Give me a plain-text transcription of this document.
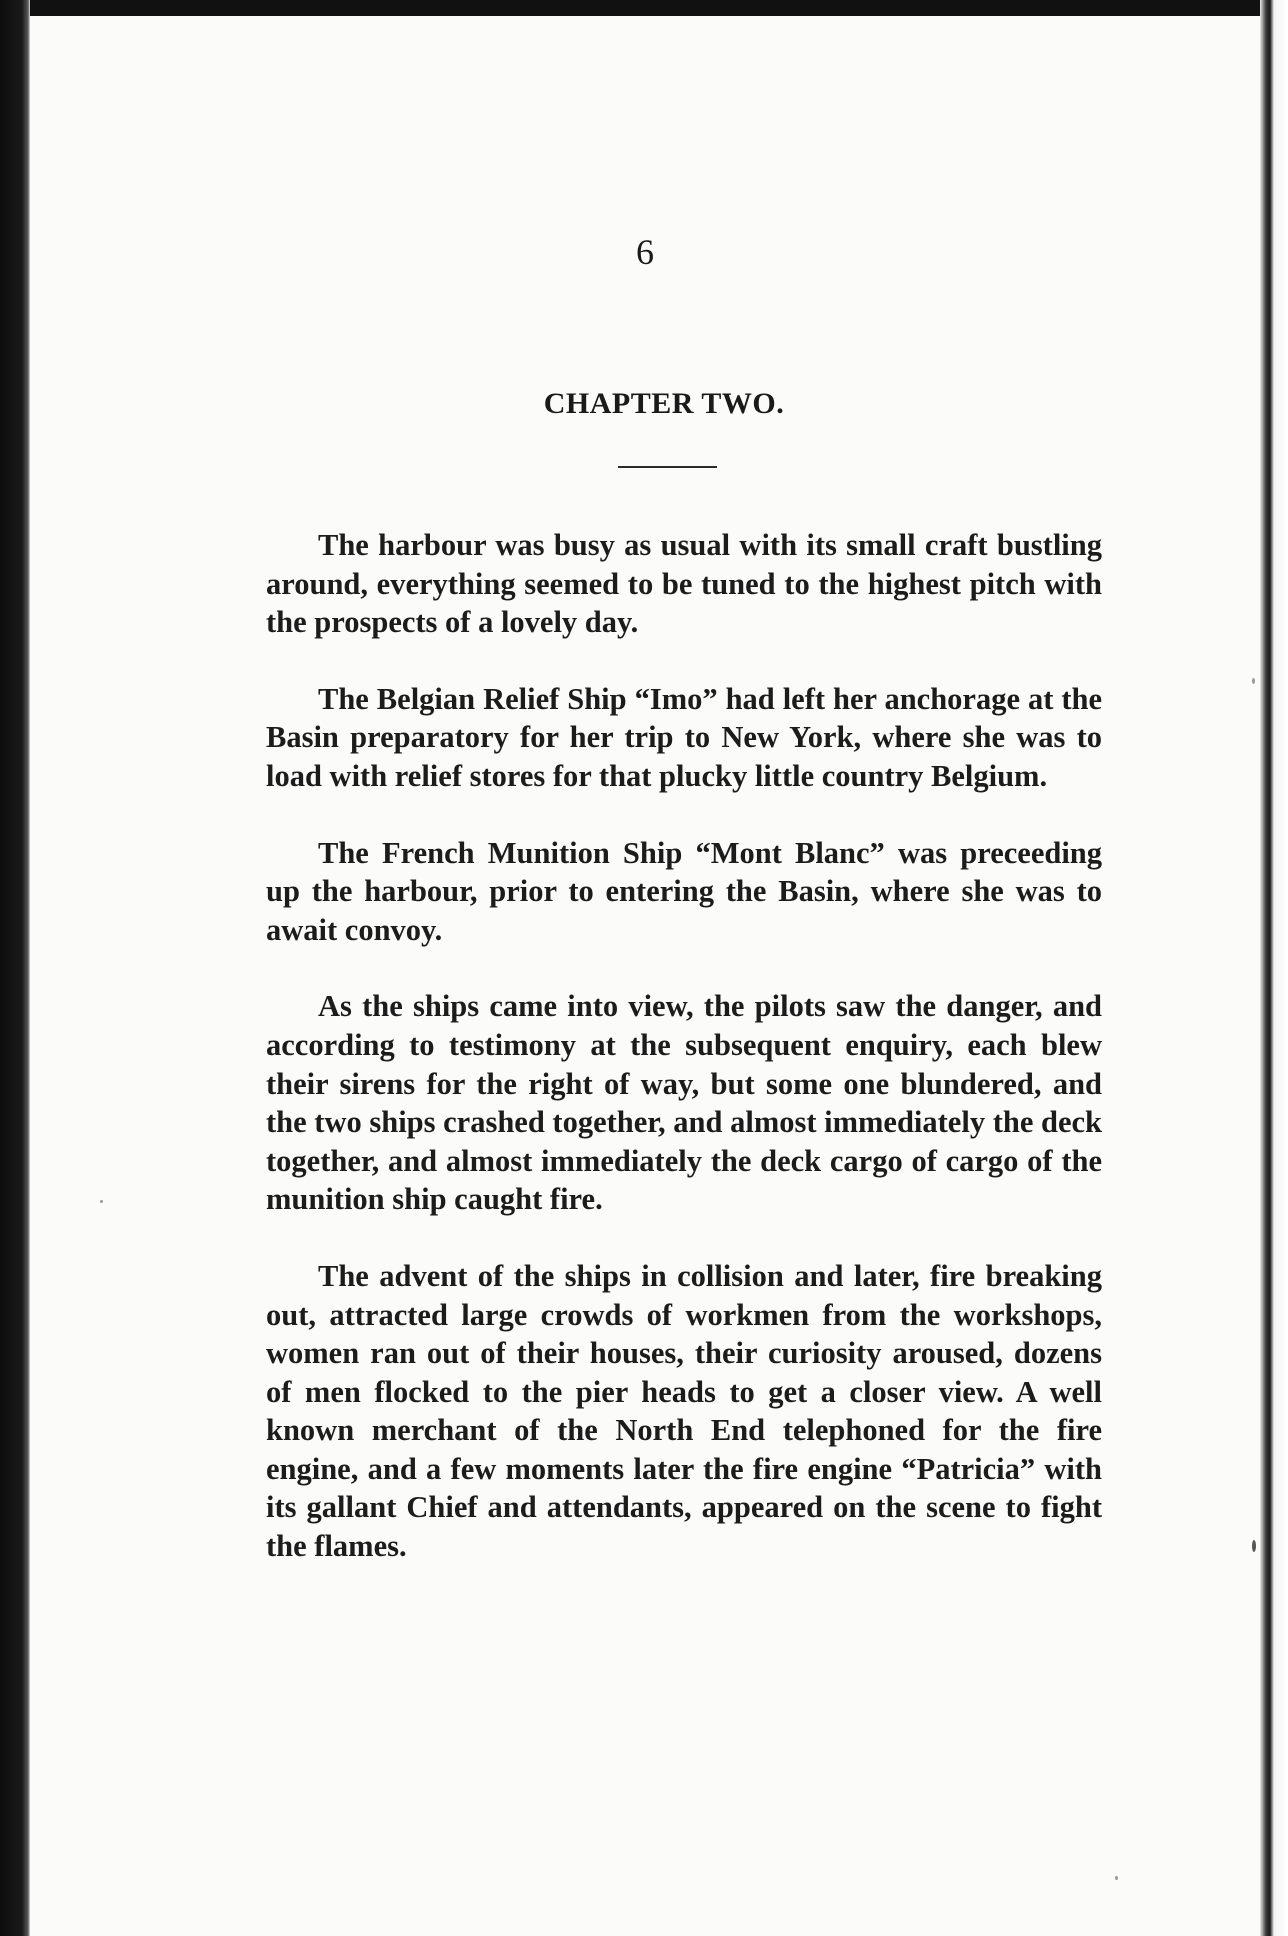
6
CHAPTER TWO.

The harbour was busy as usual with its small craft bustling around, everything seemed to be tuned to the highest pitch with the prospects of a lovely day.

The Belgian Relief Ship “Imo” had left her anchorage at the Basin preparatory for her trip to New York, where she was to load with relief stores for that plucky little country Belgium.

The French Munition Ship “Mont Blanc” was preceeding up the harbour, prior to entering the Basin, where she was to await convoy.

As the ships came into view, the pilots saw the danger, and according to testimony at the subsequent enquiry, each blew their sirens for the right of way, but some one blundered, and the two ships crashed together, and almost immediately the deck together, and almost immediately the deck cargo of cargo of the munition ship caught fire.

The advent of the ships in collision and later, fire breaking out, attracted large crowds of workmen from the workshops, women ran out of their houses, their curiosity aroused, dozens of men flocked to the pier heads to get a closer view. A well known merchant of the North End telephoned for the fire engine, and a few moments later the fire engine “Patricia” with its gallant Chief and attendants, appeared on the scene to fight the flames.
